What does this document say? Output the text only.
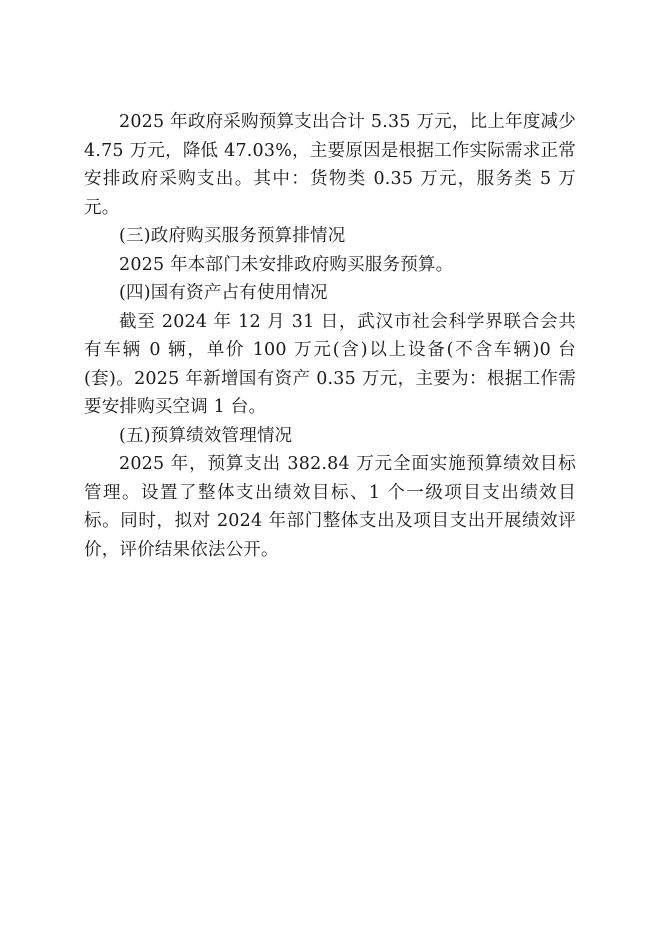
2025 年政府采购预算支出合计 5.35 万元，比上年度减少 4.75 万元，降低 47.03%，主要原因是根据工作实际需求正常安排政府采购支出。其中：货物类 0.35 万元，服务类 5 万元。

(三)政府购买服务预算排情况

2025 年本部门未安排政府购买服务预算。

(四)国有资产占有使用情况

截至 2024 年 12 月 31 日，武汉市社会科学界联合会共有车辆 0 辆，单价 100 万元(含)以上设备(不含车辆)0 台(套)。2025 年新增国有资产 0.35 万元，主要为：根据工作需要安排购买空调 1 台。

(五)预算绩效管理情况

2025 年，预算支出 382.84 万元全面实施预算绩效目标管理。设置了整体支出绩效目标、1 个一级项目支出绩效目标。同时，拟对 2024 年部门整体支出及项目支出开展绩效评价，评价结果依法公开。
